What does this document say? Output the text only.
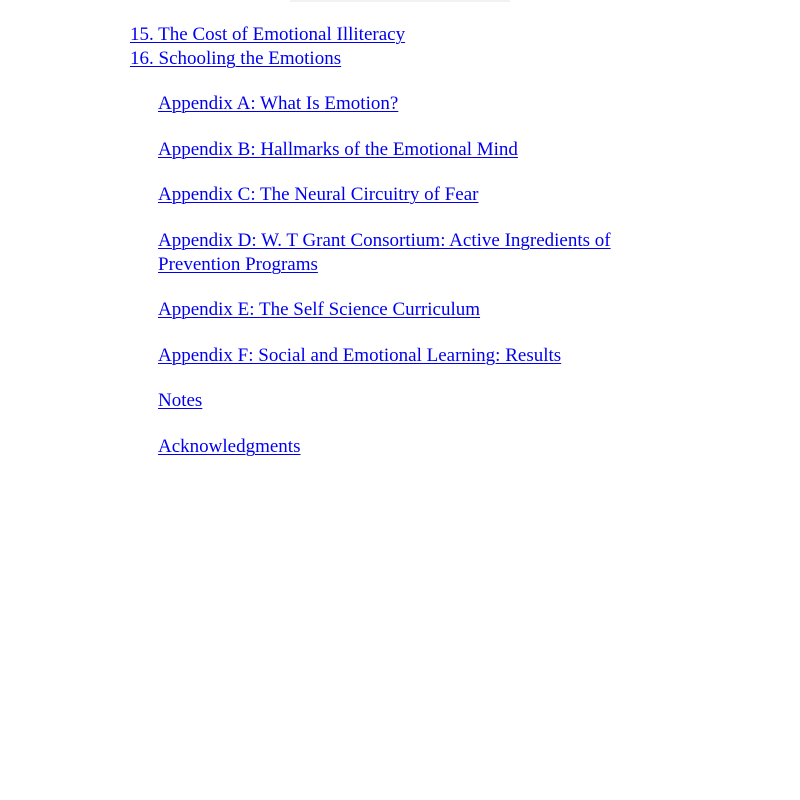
15. The Cost of Emotional Illiteracy
16. Schooling the Emotions
Appendix A: What Is Emotion?
Appendix B: Hallmarks of the Emotional Mind
Appendix C: The Neural Circuitry of Fear
Appendix D: W. T Grant Consortium: Active Ingredients of Prevention Programs
Appendix E: The Self Science Curriculum
Appendix F: Social and Emotional Learning: Results
Notes
Acknowledgments
